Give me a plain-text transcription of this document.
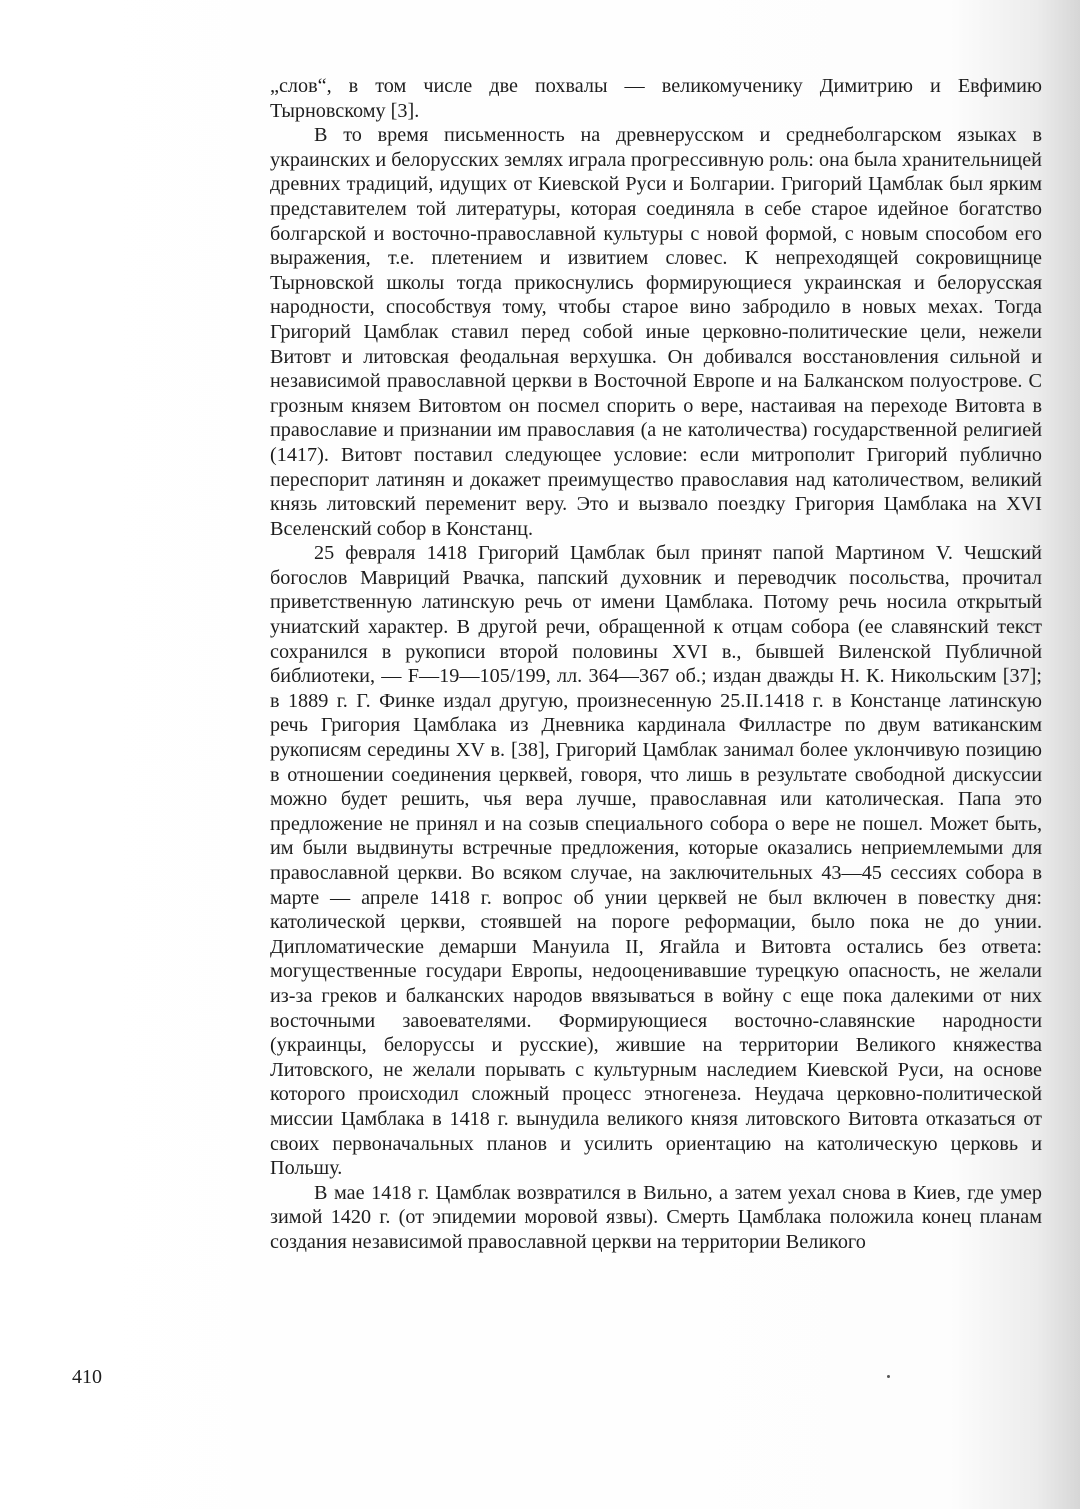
„слов“, в том числе две похвалы — великомученику Димитрию и Евфимию Тырновскому [3].

В то время письменность на древнерусском и среднеболгарском языках в украинских и белорусских землях играла прогрессивную роль: она была хранительницей древних традиций, идущих от Киевской Руси и Болгарии. Григорий Цамблак был ярким представителем той литературы, которая соединяла в себе старое идейное богатство болгарской и восточно-православной культуры с новой формой, с новым способом его выражения, т.е. плетением и извитием словес. К непреходящей сокровищнице Тырновской школы тогда прикоснулись формирующиеся украинская и белорусская народности, способствуя тому, чтобы старое вино забродило в новых мехах. Тогда Григорий Цамблак ставил перед собой иные церковно-политические цели, нежели Витовт и литовская феодальная верхушка. Он добивался восстановления сильной и независимой православной церкви в Восточной Европе и на Балканском полуострове. С грозным князем Витовтом он посмел спорить о вере, настаивая на переходе Витовта в православие и признании им православия (а не католичества) государственной религией (1417). Витовт поставил следующее условие: если митрополит Григорий публично переспорит латинян и докажет преимущество православия над католичеством, великий князь литовский переменит веру. Это и вызвало поездку Григория Цамблака на XVI Вселенский собор в Констанц.

25 февраля 1418 Григорий Цамблак был принят папой Мартином V. Чешский богослов Мавриций Рвачка, папский духовник и переводчик посольства, прочитал приветственную латинскую речь от имени Цамблака. Потому речь носила открытый униатский характер. В другой речи, обращенной к отцам собора (ее славянский текст сохранился в рукописи второй половины XVI в., бывшей Виленской Публичной библиотеки, — F—19—105/199, лл. 364—367 об.; издан дважды Н. К. Никольским [37]; в 1889 г. Г. Финке издал другую, произнесенную 25.II.1418 г. в Констанце латинскую речь Григория Цамблака из Дневника кардинала Филластре по двум ватиканским рукописям середины XV в. [38], Григорий Цамблак занимал более уклончивую позицию в отношении соединения церквей, говоря, что лишь в результате свободной дискуссии можно будет решить, чья вера лучше, православная или католическая. Папа это предложение не принял и на созыв специального собора о вере не пошел. Может быть, им были выдвинуты встречные предложения, которые оказались неприемлемыми для православной церкви. Во всяком случае, на заключительных 43—45 сессиях собора в марте — апреле 1418 г. вопрос об унии церквей не был включен в повестку дня: католической церкви, стоявшей на пороге реформации, было пока не до унии. Дипломатические демарши Мануила II, Ягайла и Витовта остались без ответа: могущественные государи Европы, недооценивавшие турецкую опасность, не желали из-за греков и балканских народов ввязываться в войну с еще пока далекими от них восточными завоевателями. Формирующиеся восточно-славянские народности (украинцы, белоруссы и русские), жившие на территории Великого княжества Литовского, не желали порывать с культурным наследием Киевской Руси, на основе которого происходил сложный процесс этногенеза. Неудача церковно-политической миссии Цамблака в 1418 г. вынудила великого князя литовского Витовта отказаться от своих первоначальных планов и усилить ориентацию на католическую церковь и Польшу.

В мае 1418 г. Цамблак возвратился в Вильно, а затем уехал снова в Киев, где умер зимой 1420 г. (от эпидемии моровой язвы). Смерть Цамблака положила конец планам создания независимой православной церкви на территории Великого

410
